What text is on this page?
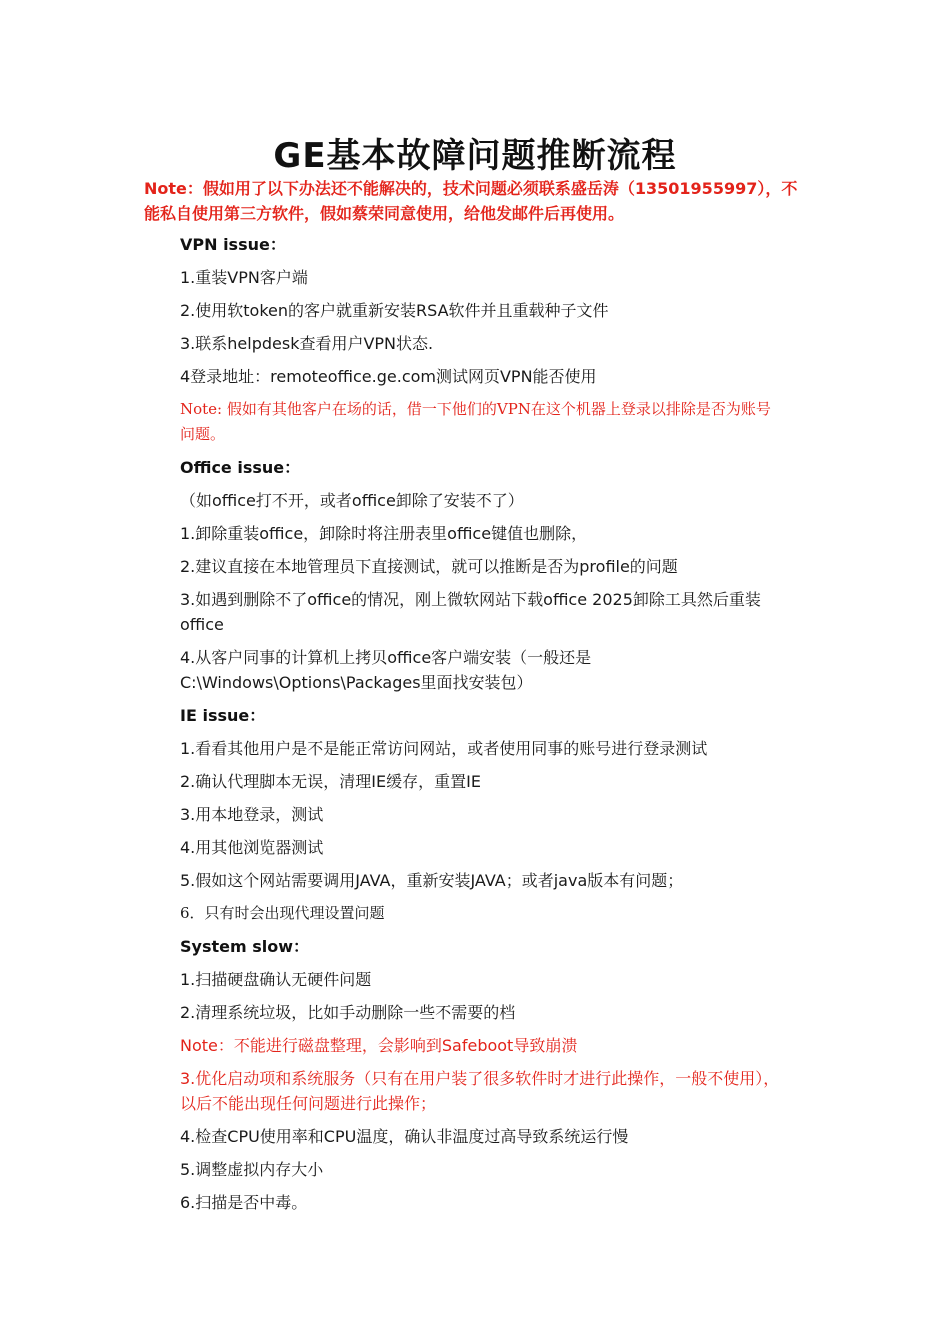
GE基本故障问题推断流程
Note：假如用了以下办法还不能解决的，技术问题必须联系盛岳涛（13501955997），不能私自使用第三方软件，假如蔡荣同意使用，给他发邮件后再使用。
VPN issue：
1.重装VPN客户端
2.使用软token的客户就重新安装RSA软件并且重载种子文件
3.联系helpdesk查看用户VPN状态.
4登录地址：remoteoffice.ge.com测试网页VPN能否使用
Note: 假如有其他客户在场的话，借一下他们的VPN在这个机器上登录以排除是否为账号问题。
Office issue：
（如office打不开，或者office卸除了安装不了）
1.卸除重装office，卸除时将注册表里office键值也删除，
2.建议直接在本地管理员下直接测试，就可以推断是否为profile的问题
3.如遇到删除不了office的情况，刚上微软网站下载office 2025卸除工具然后重装office
4.从客户同事的计算机上拷贝office客户端安装（一般还是C:\Windows\Options\Packages里面找安装包）
IE issue：
1.看看其他用户是不是能正常访问网站，或者使用同事的账号进行登录测试
2.确认代理脚本无误，清理IE缓存，重置IE
3.用本地登录，测试
4.用其他浏览器测试
5.假如这个网站需要调用JAVA，重新安装JAVA；或者java版本有问题；
6．只有时会出现代理设置问题
System slow：
1.扫描硬盘确认无硬件问题
2.清理系统垃圾，比如手动删除一些不需要的档
Note：不能进行磁盘整理，会影响到Safeboot导致崩溃
3.优化启动项和系统服务（只有在用户装了很多软件时才进行此操作，一般不使用），以后不能出现任何问题进行此操作；
4.检查CPU使用率和CPU温度，确认非温度过高导致系统运行慢
5.调整虚拟内存大小
6.扫描是否中毒。
